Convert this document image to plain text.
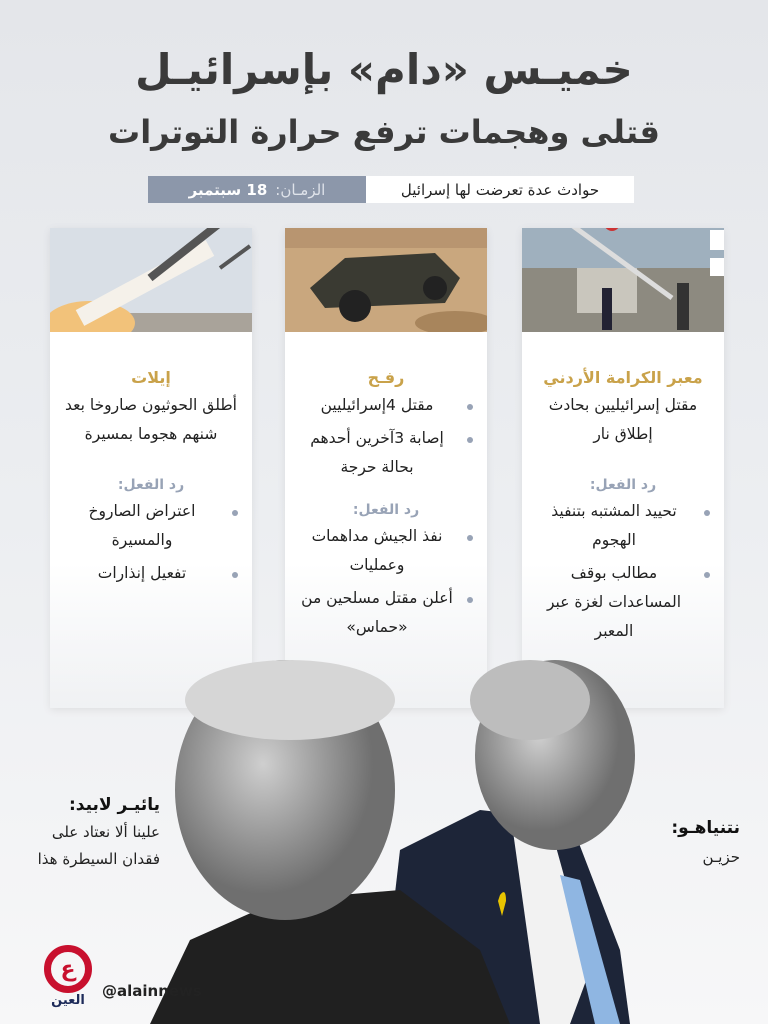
خميـس «دام» بإسرائيـل
قتلى وهجمات ترفع حرارة التوترات
حوادث عدة تعرضت لها إسرائيل
الزمـان:
18 سبتمبر
معبر الكرامة الأردني
مقتل إسرائيليين بحادث إطلاق نار
رد الفعل:
تحييد المشتبه بتنفيذ الهجوم
مطالب بوقف المساعدات لغزة عبر المعبر
رفـح
مقتل 4إسرائيليين
إصابة 3آخرين أحدهم بحالة حرجة
رد الفعل:
نفذ الجيش مداهمات وعمليات
أعلن مقتل مسلحين من «حماس»
إيلات
أطلق الحوثيون صاروخا بعد شنهم هجوما بمسيرة
رد الفعل:
اعتراض الصاروخ والمسيرة
تفعيل إنذارات
نتنياهـو:
حزيـن
يائيـر لابيد:
علينا ألا نعتاد على فقدان السيطرة هذا
ع
العين
@alainnews
